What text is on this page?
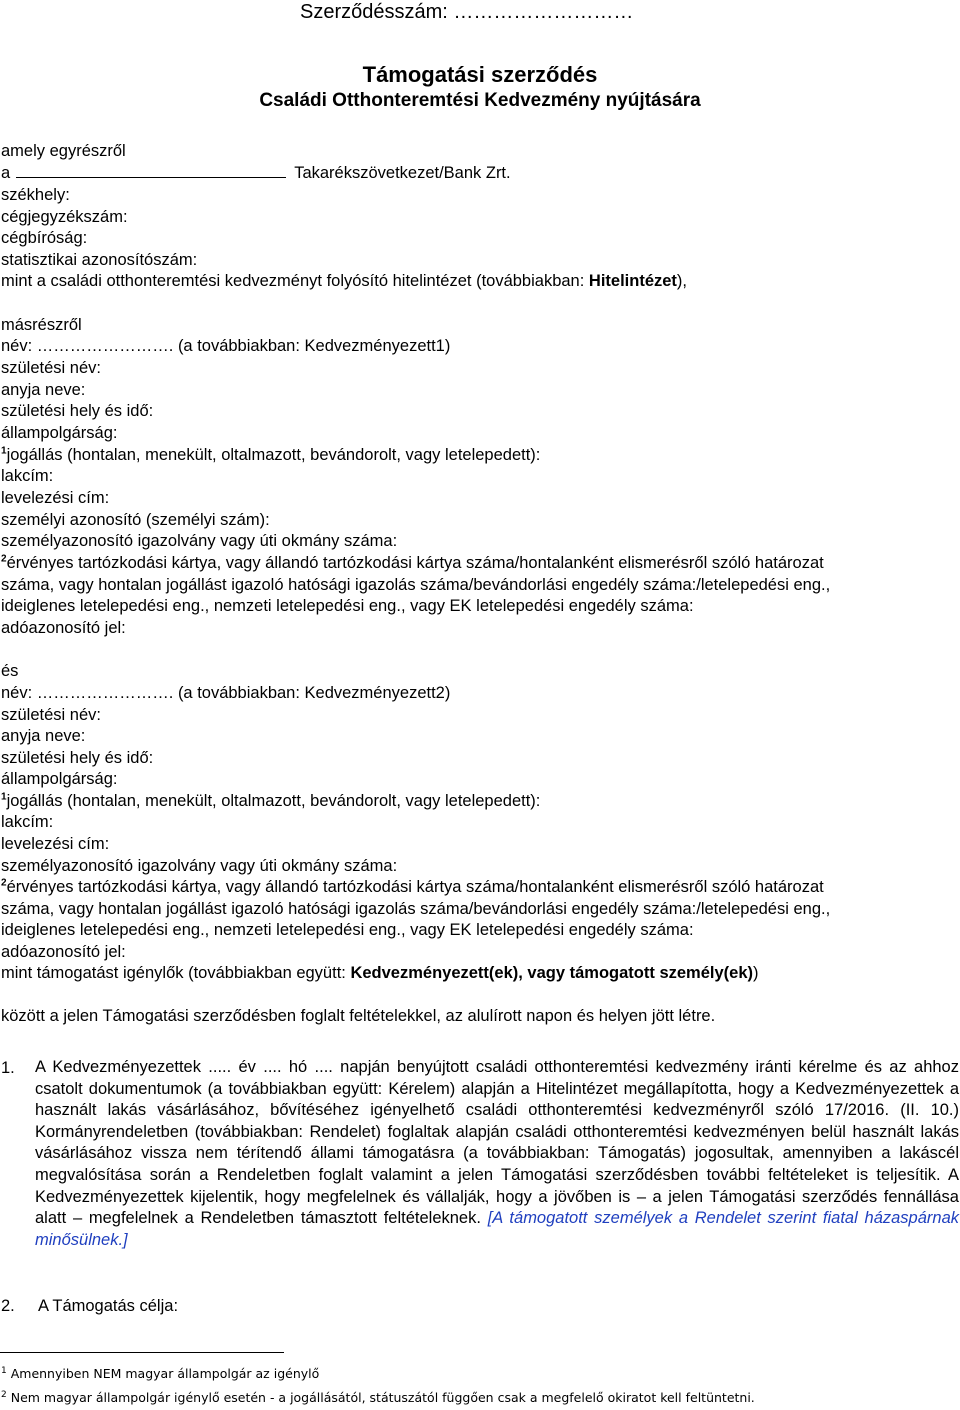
Szerződésszám: ………………………
Támogatási szerződés
Családi Otthonteremtési Kedvezmény nyújtására
amely egyrészről
a	Takarékszövetkezet/Bank Zrt.
székhely:
cégjegyzékszám:
cégbíróság:
statisztikai azonosítószám:
mint a családi otthonteremtési kedvezményt folyósító hitelintézet (továbbiakban: Hitelintézet),
másrészről
név: ……………………. (a továbbiakban: Kedvezményezett1)
születési név:
anyja neve:
születési hely és idő:
állampolgárság:
$^1$jogállás (hontalan, menekült, oltalmazott, bevándorolt, vagy letelepedett):
lakcím:
levelezési cím:
személyi azonosító (személyi szám):
személyazonosító igazolvány vagy úti okmány száma:
$^2$érvényes tartózkodási kártya, vagy állandó tartózkodási kártya száma/hontalanként elismerésről szóló határozat
száma, vagy hontalan jogállást igazoló hatósági igazolás száma/bevándorlási engedély száma:/letelepedési eng.,
ideiglenes letelepedési eng., nemzeti letelepedési eng., vagy EK letelepedési engedély száma:
adóazonosító jel:
és
név: ……………………. (a továbbiakban: Kedvezményezett2)
születési név:
anyja neve:
születési hely és idő:
állampolgárság:
$^1$jogállás (hontalan, menekült, oltalmazott, bevándorolt, vagy letelepedett):
lakcím:
levelezési cím:
személyazonosító igazolvány vagy úti okmány száma:
$^2$érvényes tartózkodási kártya, vagy állandó tartózkodási kártya száma/hontalanként elismerésről szóló határozat
száma, vagy hontalan jogállást igazoló hatósági igazolás száma/bevándorlási engedély száma:/letelepedési eng.,
ideiglenes letelepedési eng., nemzeti letelepedési eng., vagy EK letelepedési engedély száma:
adóazonosító jel:
mint támogatást igénylők (továbbiakban együtt: Kedvezményezett(ek), vagy támogatott személy(ek))
között a jelen Támogatási szerződésben foglalt feltételekkel, az alulírott napon és helyen jött létre.
1. A Kedvezményezettek ..... év .... hó .... napján benyújtott családi otthonteremtési kedvezmény iránti kérelme és az ahhoz csatolt dokumentumok (a továbbiakban együtt: Kérelem) alapján a Hitelintézet megállapította, hogy a Kedvezményezettek a használt lakás vásárlásához, bővítéséhez igényelhető családi otthonteremtési kedvezményről szóló 17/2016. (II. 10.) Kormányrendeletben (továbbiakban: Rendelet) foglaltak alapján családi otthonteremtési kedvezményen belül használt lakás vásárlásához vissza nem térítendő állami támogatásra (a továbbiakban: Támogatás) jogosultak, amennyiben a lakáscél megvalósítása során a Rendeletben foglalt valamint a jelen Támogatási szerződésben további feltételeket is teljesítik. A Kedvezményezettek kijelentik, hogy megfelelnek és vállalják, hogy a jövőben is – a jelen Támogatási szerződés fennállása alatt – megfelelnek a Rendeletben támasztott feltételeknek. [A támogatott személyek a Rendelet szerint fiatal házaspárnak minősülnek.]
2. A Támogatás célja:
$^1$ Amennyiben NEM magyar állampolgár az igénylő
$^2$ Nem magyar állampolgár igénylő esetén - a jogállásától, státuszától függően csak a megfelelő okiratot kell feltüntetni.
